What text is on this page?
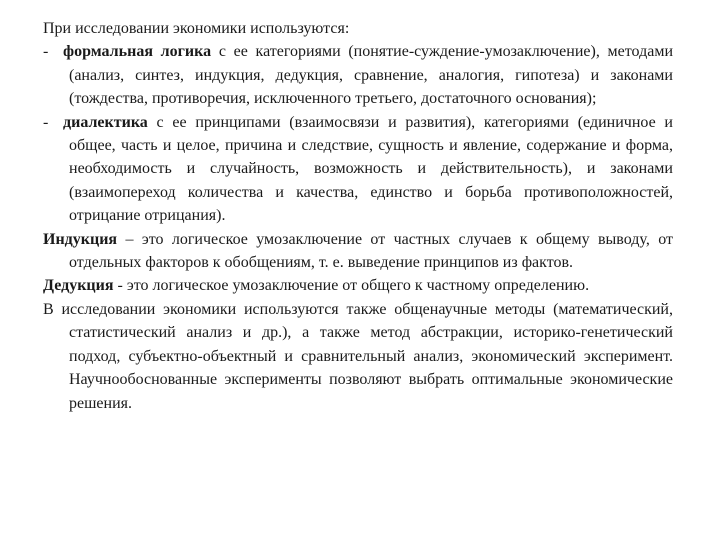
При исследовании экономики используются:

- формальная логика с ее категориями (понятие-суждение-умозаключение), методами (анализ, синтез, индукция, дедукция, сравнение, аналогия, гипотеза) и законами (тождества, противоречия, исключенного третьего, достаточного основания);

- диалектика с ее принципами (взаимосвязи и развития), категориями (единичное и общее, часть и целое, причина и следствие, сущность и явление, содержание и форма, необходимость и случайность, возможность и действительность), и законами (взаимопереход количества и качества, единство и борьба противоположностей, отрицание отрицания).

Индукция – это логическое умозаключение от частных случаев к общему выводу, от отдельных факторов к обобщениям, т. е. выведение принципов из фактов.

Дедукция - это логическое умозаключение от общего к частному определению.

В исследовании экономики используются также общенаучные методы (математический, статистический анализ и др.), а также метод абстракции, историко-генетический подход, субъектно-объектный и сравнительный анализ, экономический эксперимент. Научнообоснованные эксперименты позволяют выбрать оптимальные экономические решения.
